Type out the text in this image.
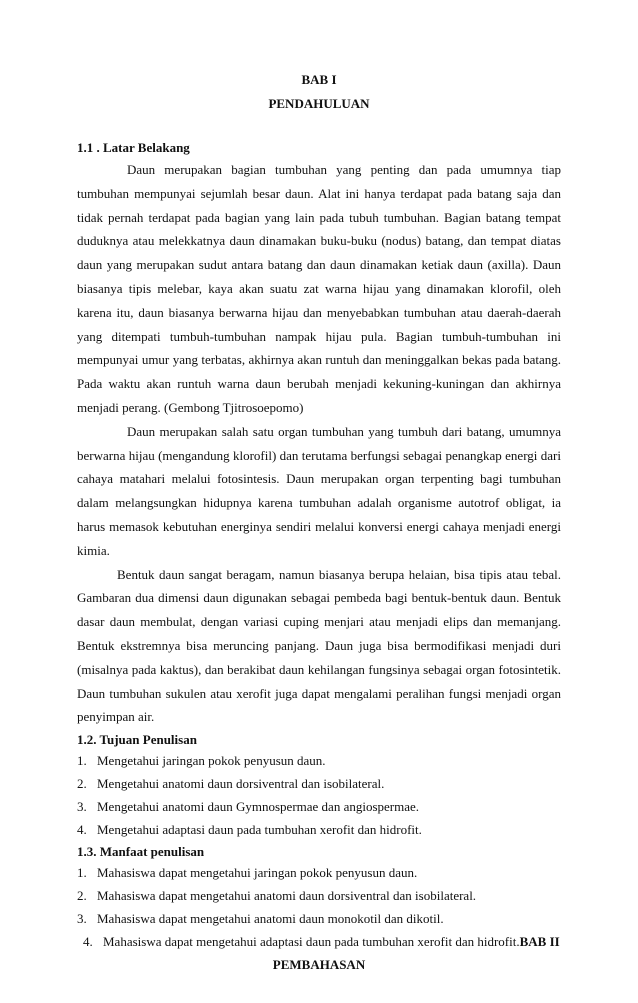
BAB I
PENDAHULUAN
1.1 . Latar Belakang

Daun merupakan bagian tumbuhan yang penting dan pada umumnya tiap tumbuhan mempunyai sejumlah besar daun. Alat ini hanya terdapat pada batang saja dan tidak pernah terdapat pada bagian yang lain pada tubuh tumbuhan. Bagian batang tempat duduknya atau melekkatnya daun dinamakan buku-buku (nodus) batang, dan tempat diatas daun yang merupakan sudut antara batang dan daun dinamakan ketiak daun (axilla). Daun biasanya tipis melebar, kaya akan suatu zat warna hijau yang dinamakan klorofil, oleh karena itu, daun biasanya berwarna hijau dan menyebabkan tumbuhan atau daerah-daerah yang ditempati tumbuh-tumbuhan nampak hijau pula. Bagian tumbuh-tumbuhan ini mempunyai umur yang terbatas, akhirnya akan runtuh dan meninggalkan bekas pada batang. Pada waktu akan runtuh warna daun berubah menjadi kekuning-kuningan dan akhirnya menjadi perang. (Gembong Tjitrosoepomo)

Daun merupakan salah satu organ tumbuhan yang tumbuh dari batang, umumnya berwarna hijau (mengandung klorofil) dan terutama berfungsi sebagai penangkap energi dari cahaya matahari melalui fotosintesis. Daun merupakan organ terpenting bagi tumbuhan dalam melangsungkan hidupnya karena tumbuhan adalah organisme autotrof obligat, ia harus memasok kebutuhan energinya sendiri melalui konversi energi cahaya menjadi energi kimia.

Bentuk daun sangat beragam, namun biasanya berupa helaian, bisa tipis atau tebal. Gambaran dua dimensi daun digunakan sebagai pembeda bagi bentuk-bentuk daun. Bentuk dasar daun membulat, dengan variasi cuping menjari atau menjadi elips dan memanjang. Bentuk ekstremnya bisa meruncing panjang. Daun juga bisa bermodifikasi menjadi duri (misalnya pada kaktus), dan berakibat daun kehilangan fungsinya sebagai organ fotosintetik. Daun tumbuhan sukulen atau xerofit juga dapat mengalami peralihan fungsi menjadi organ penyimpan air.

1.2. Tujuan Penulisan
1. Mengetahui jaringan pokok penyusun daun.
2. Mengetahui anatomi daun dorsiventral dan isobilateral.
3. Mengetahui anatomi daun Gymnospermae dan angiospermae.
4. Mengetahui adaptasi daun pada tumbuhan xerofit dan hidrofit.
1.3. Manfaat penulisan
1. Mahasiswa dapat mengetahui jaringan pokok penyusun daun.
2. Mahasiswa dapat mengetahui anatomi daun dorsiventral dan isobilateral.
3. Mahasiswa dapat mengetahui anatomi daun monokotil dan dikotil.
4. Mahasiswa dapat mengetahui adaptasi daun pada tumbuhan xerofit dan hidrofit.BAB II
PEMBAHASAN
